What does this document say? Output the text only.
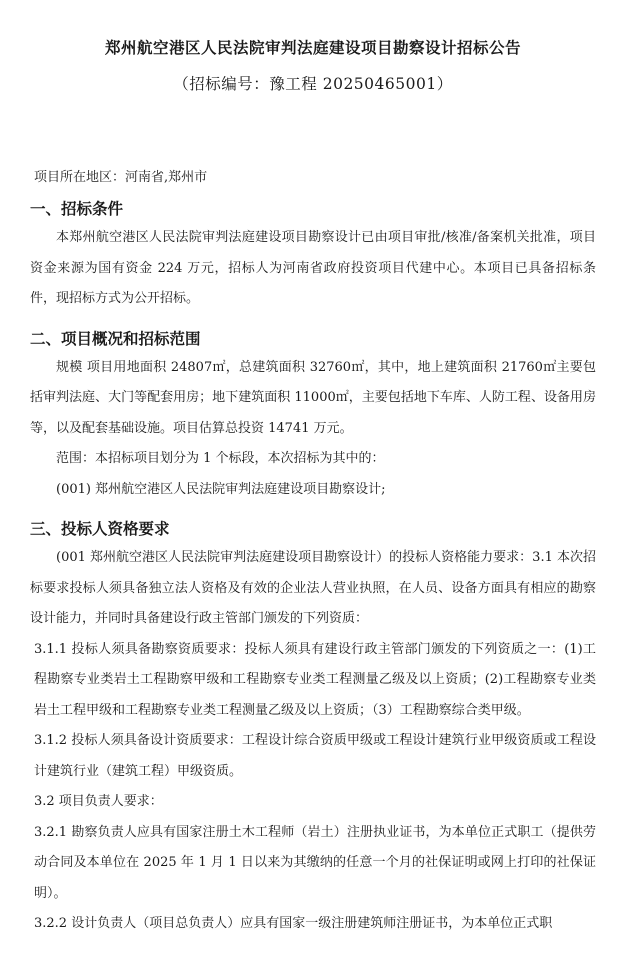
郑州航空港区人民法院审判法庭建设项目勘察设计招标公告
（招标编号：豫工程 20250465001）
项目所在地区：河南省,郑州市
一、招标条件

本郑州航空港区人民法院审判法庭建设项目勘察设计已由项目审批/核准/备案机关批准，项目资金来源为国有资金 224 万元，招标人为河南省政府投资项目代建中心。本项目已具备招标条件，现招标方式为公开招标。

二、项目概况和招标范围

规模 项目用地面积 24807㎡，总建筑面积 32760㎡，其中，地上建筑面积 21760㎡主要包括审判法庭、大门等配套用房；地下建筑面积 11000㎡，主要包括地下车库、人防工程、设备用房等，以及配套基础设施。项目估算总投资 14741 万元。

范围：本招标项目划分为 1 个标段，本次招标为其中的：

(001) 郑州航空港区人民法院审判法庭建设项目勘察设计;

三、投标人资格要求

(001 郑州航空港区人民法院审判法庭建设项目勘察设计）的投标人资格能力要求：3.1 本次招标要求投标人须具备独立法人资格及有效的企业法人营业执照，在人员、设备方面具有相应的勘察设计能力，并同时具备建设行政主管部门颁发的下列资质：

3.1.1 投标人须具备勘察资质要求：投标人须具有建设行政主管部门颁发的下列资质之一：(1)工程勘察专业类岩土工程勘察甲级和工程勘察专业类工程测量乙级及以上资质；(2)工程勘察专业类岩土工程甲级和工程勘察专业类工程测量乙级及以上资质；（3）工程勘察综合类甲级。

3.1.2 投标人须具备设计资质要求：工程设计综合资质甲级或工程设计建筑行业甲级资质或工程设计建筑行业（建筑工程）甲级资质。

3.2 项目负责人要求：

3.2.1 勘察负责人应具有国家注册土木工程师（岩土）注册执业证书，为本单位正式职工（提供劳动合同及本单位在 2025 年 1 月 1 日以来为其缴纳的任意一个月的社保证明或网上打印的社保证明）。

3.2.2 设计负责人（项目总负责人）应具有国家一级注册建筑师注册证书，为本单位正式职
